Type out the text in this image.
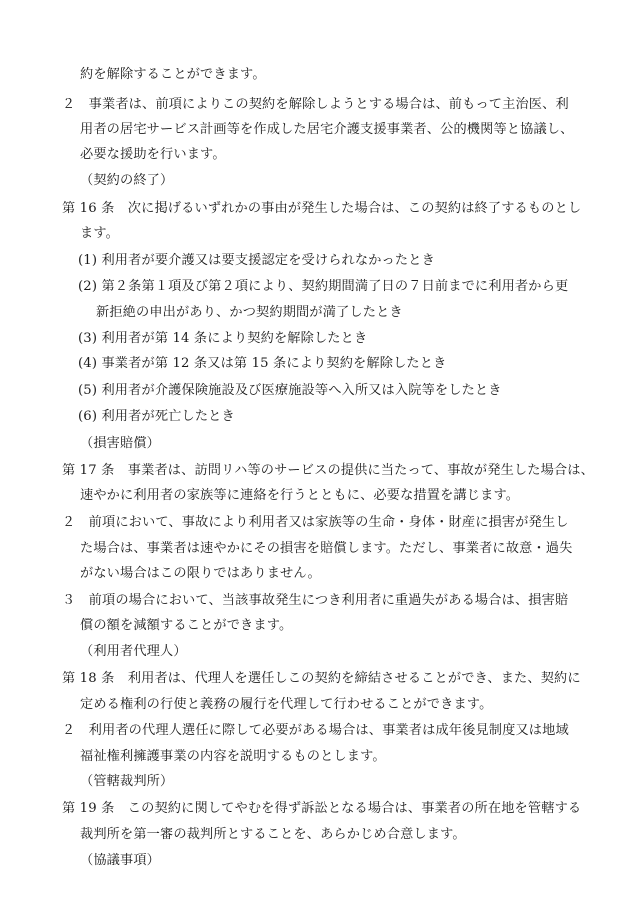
約を解除することができます。
２　事業者は、前項によりこの契約を解除しようとする場合は、前もって主治医、利
用者の居宅サービス計画等を作成した居宅介護支援事業者、公的機関等と協議し、
必要な援助を行います。
（契約の終了）
第 16 条　次に掲げるいずれかの事由が発生した場合は、この契約は終了するものとし
ます。
(1) 利用者が要介護又は要支援認定を受けられなかったとき
(2) 第２条第１項及び第２項により、契約期間満了日の７日前までに利用者から更
新拒絶の申出があり、かつ契約期間が満了したとき
(3) 利用者が第 14 条により契約を解除したとき
(4) 事業者が第 12 条又は第 15 条により契約を解除したとき
(5) 利用者が介護保険施設及び医療施設等へ入所又は入院等をしたとき
(6) 利用者が死亡したとき
（損害賠償）
第 17 条　事業者は、訪問リハ等のサービスの提供に当たって、事故が発生した場合は、
速やかに利用者の家族等に連絡を行うとともに、必要な措置を講じます。
２　前項において、事故により利用者又は家族等の生命・身体・財産に損害が発生し
た場合は、事業者は速やかにその損害を賠償します。ただし、事業者に故意・過失
がない場合はこの限りではありません。
３　前項の場合において、当該事故発生につき利用者に重過失がある場合は、損害賠
償の額を減額することができます。
（利用者代理人）
第 18 条　利用者は、代理人を選任しこの契約を締結させることができ、また、契約に
定める権利の行使と義務の履行を代理して行わせることができます。
２　利用者の代理人選任に際して必要がある場合は、事業者は成年後見制度又は地域
福祉権利擁護事業の内容を説明するものとします。
（管轄裁判所）
第 19 条　この契約に関してやむを得ず訴訟となる場合は、事業者の所在地を管轄する
裁判所を第一審の裁判所とすることを、あらかじめ合意します。
（協議事項）
